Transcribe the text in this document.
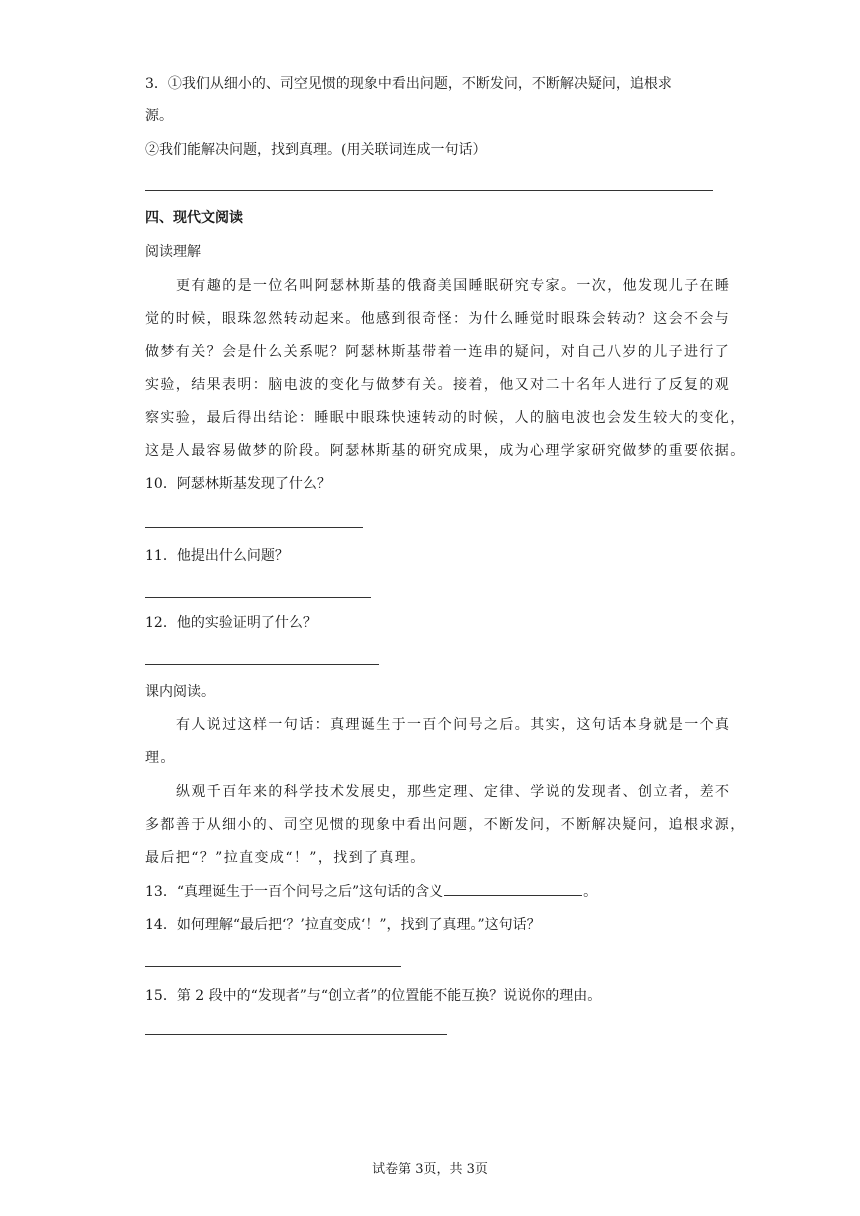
3．①我们从细小的、司空见惯的现象中看出问题，不断发问，不断解决疑问，追根求
源。
②我们能解决问题，找到真理。(用关联词连成一句话）
四、现代文阅读
阅读理解
更有趣的是一位名叫阿瑟林斯基的俄裔美国睡眠研究专家。一次，他发现儿子在睡
觉的时候，眼珠忽然转动起来。他感到很奇怪：为什么睡觉时眼珠会转动？这会不会与
做梦有关？会是什么关系呢？阿瑟林斯基带着一连串的疑问，对自己八岁的儿子进行了
实验，结果表明：脑电波的变化与做梦有关。接着，他又对二十名年人进行了反复的观
察实验，最后得出结论：睡眠中眼珠快速转动的时候，人的脑电波也会发生较大的变化，
这是人最容易做梦的阶段。阿瑟林斯基的研究成果，成为心理学家研究做梦的重要依据。
10．阿瑟林斯基发现了什么？
11．他提出什么问题？
12．他的实验证明了什么？
课内阅读。
有人说过这样一句话：真理诞生于一百个问号之后。其实，这句话本身就是一个真
理。
纵观千百年来的科学技术发展史，那些定理、定律、学说的发现者、创立者，差不
多都善于从细小的、司空见惯的现象中看出问题，不断发问，不断解决疑问，追根求源，
最后把“？”拉直变成“！”，找到了真理。
13．“真理诞生于一百个问号之后”这句话的含义	。
14．如何理解“最后把‘？’拉直变成‘！”，找到了真理。”这句话？
15．第 2 段中的“发现者”与“创立者”的位置能不能互换？说说你的理由。
试卷第 3页，共 3页
